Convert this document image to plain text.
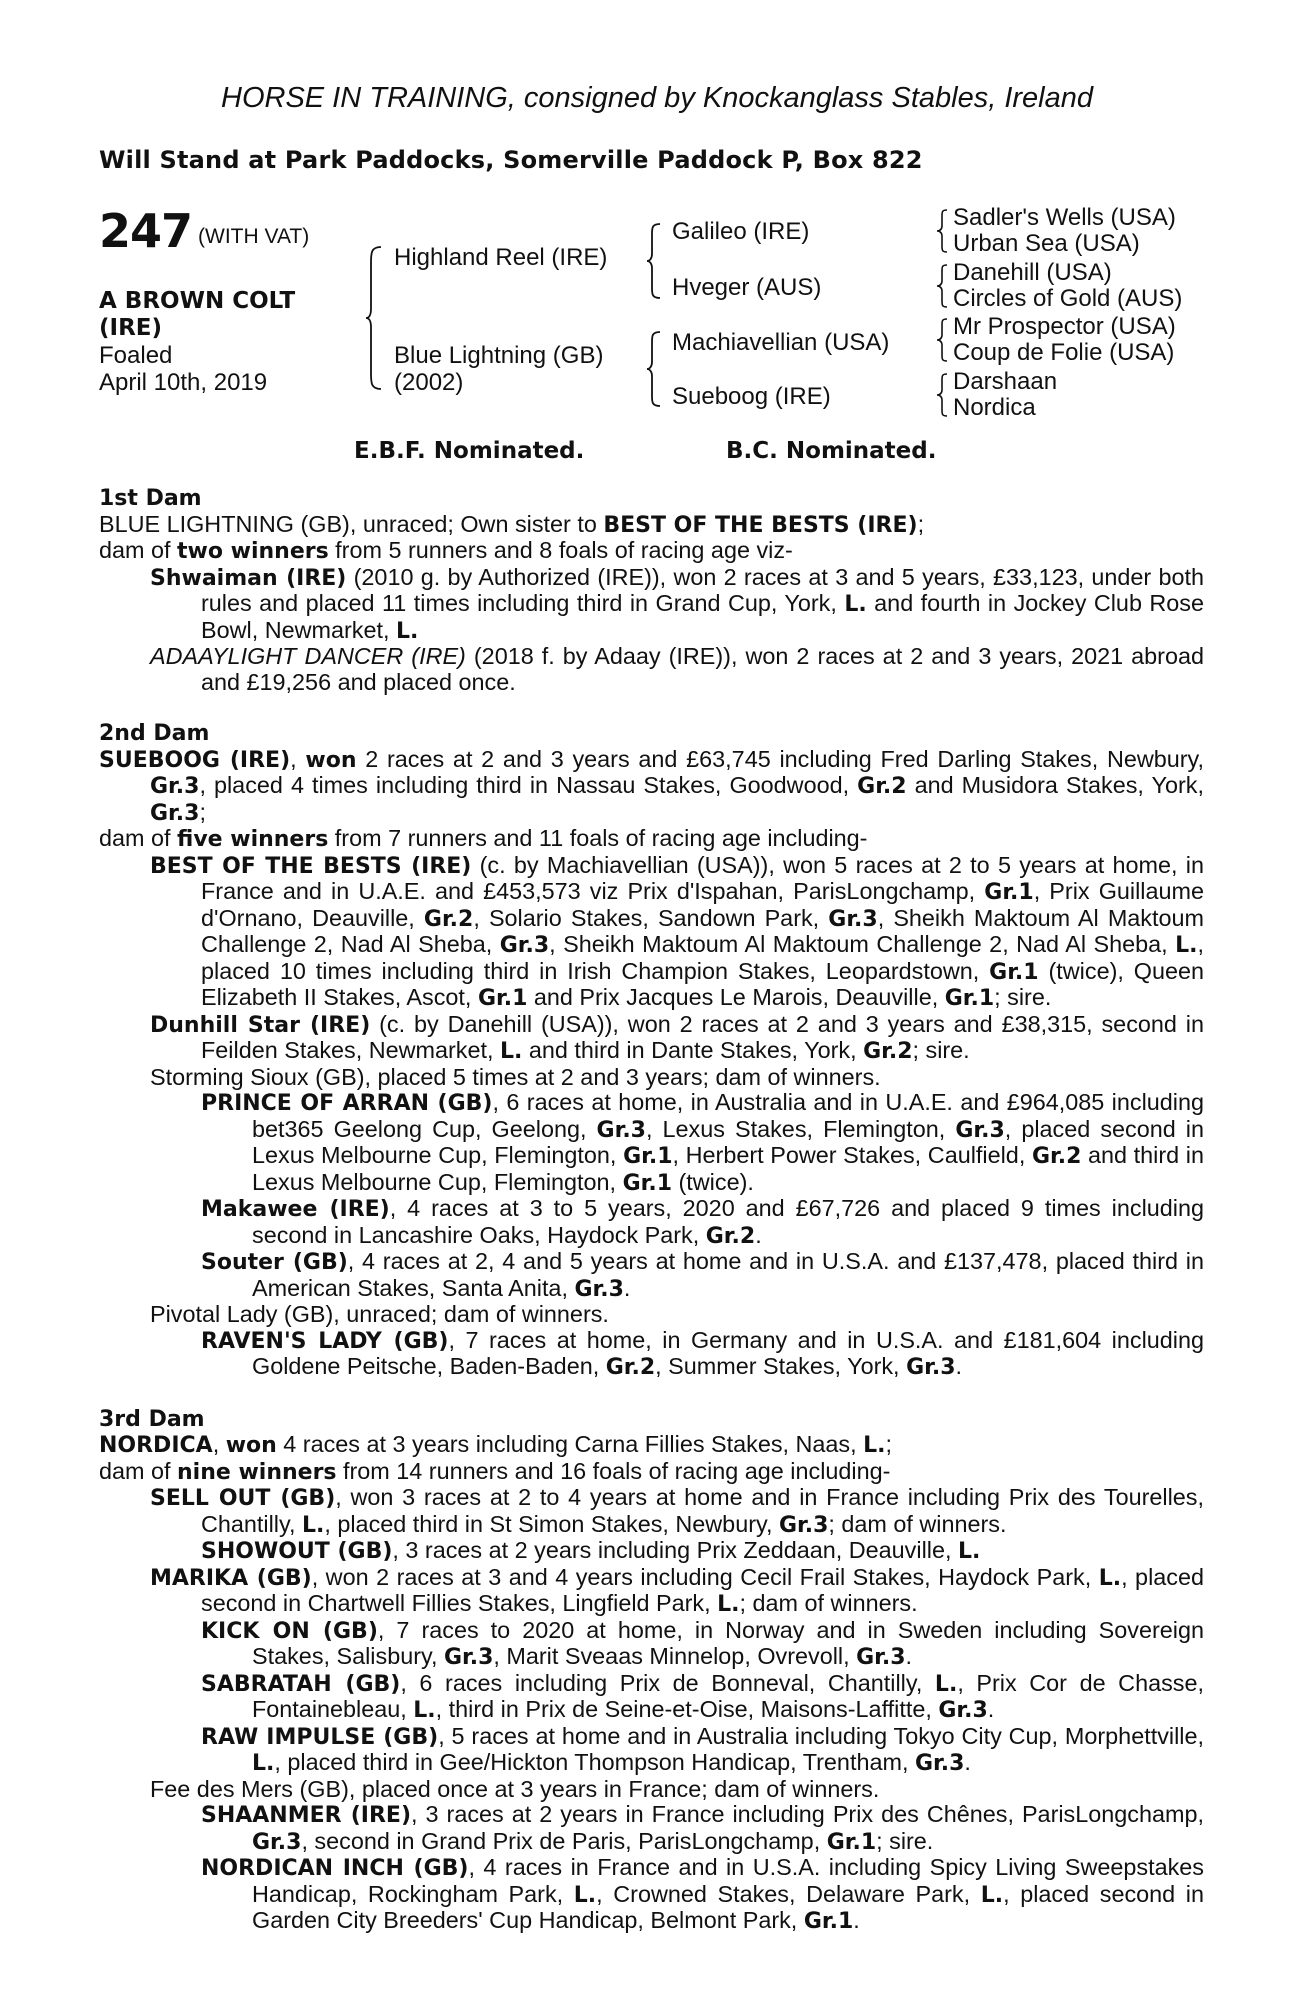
HORSE IN TRAINING, consigned by Knockanglass Stables, Ireland
Will Stand at Park Paddocks, Somerville Paddock P, Box 822
247 (WITH VAT)
A BROWN COLT
(IRE)
Foaled
April 10th, 2019
Highland Reel (IRE)
Blue Lightning (GB)
(2002)
Galileo (IRE)
Hveger (AUS)
Machiavellian (USA)
Sueboog (IRE)
Sadler's Wells (USA)
Urban Sea (USA)
Danehill (USA)
Circles of Gold (AUS)
Mr Prospector (USA)
Coup de Folie (USA)
Darshaan
Nordica
E.B.F. Nominated.	B.C. Nominated.
1st Dam
BLUE LIGHTNING (GB), unraced; Own sister to BEST OF THE BESTS (IRE);
dam of two winners from 5 runners and 8 foals of racing age viz-
Shwaiman (IRE) (2010 g. by Authorized (IRE)), won 2 races at 3 and 5 years, £33,123, under both rules and placed 11 times including third in Grand Cup, York, L. and fourth in Jockey Club Rose Bowl, Newmarket, L.
ADAAYLIGHT DANCER (IRE) (2018 f. by Adaay (IRE)), won 2 races at 2 and 3 years, 2021 abroad and £19,256 and placed once.
2nd Dam
SUEBOOG (IRE), won 2 races at 2 and 3 years and £63,745 including Fred Darling Stakes, Newbury, Gr.3, placed 4 times including third in Nassau Stakes, Goodwood, Gr.2 and Musidora Stakes, York, Gr.3;
dam of five winners from 7 runners and 11 foals of racing age including-
BEST OF THE BESTS (IRE) (c. by Machiavellian (USA)), won 5 races at 2 to 5 years at home, in France and in U.A.E. and £453,573 viz Prix d'Ispahan, ParisLongchamp, Gr.1, Prix Guillaume d'Ornano, Deauville, Gr.2, Solario Stakes, Sandown Park, Gr.3, Sheikh Maktoum Al Maktoum Challenge 2, Nad Al Sheba, Gr.3, Sheikh Maktoum Al Maktoum Challenge 2, Nad Al Sheba, L., placed 10 times including third in Irish Champion Stakes, Leopardstown, Gr.1 (twice), Queen Elizabeth II Stakes, Ascot, Gr.1 and Prix Jacques Le Marois, Deauville, Gr.1; sire.
Dunhill Star (IRE) (c. by Danehill (USA)), won 2 races at 2 and 3 years and £38,315, second in Feilden Stakes, Newmarket, L. and third in Dante Stakes, York, Gr.2; sire.
Storming Sioux (GB), placed 5 times at 2 and 3 years; dam of winners.
PRINCE OF ARRAN (GB), 6 races at home, in Australia and in U.A.E. and £964,085 including bet365 Geelong Cup, Geelong, Gr.3, Lexus Stakes, Flemington, Gr.3, placed second in Lexus Melbourne Cup, Flemington, Gr.1, Herbert Power Stakes, Caulfield, Gr.2 and third in Lexus Melbourne Cup, Flemington, Gr.1 (twice).
Makawee (IRE), 4 races at 3 to 5 years, 2020 and £67,726 and placed 9 times including second in Lancashire Oaks, Haydock Park, Gr.2.
Souter (GB), 4 races at 2, 4 and 5 years at home and in U.S.A. and £137,478, placed third in American Stakes, Santa Anita, Gr.3.
Pivotal Lady (GB), unraced; dam of winners.
RAVEN'S LADY (GB), 7 races at home, in Germany and in U.S.A. and £181,604 including Goldene Peitsche, Baden-Baden, Gr.2, Summer Stakes, York, Gr.3.
3rd Dam
NORDICA, won 4 races at 3 years including Carna Fillies Stakes, Naas, L.;
dam of nine winners from 14 runners and 16 foals of racing age including-
SELL OUT (GB), won 3 races at 2 to 4 years at home and in France including Prix des Tourelles, Chantilly, L., placed third in St Simon Stakes, Newbury, Gr.3; dam of winners.
SHOWOUT (GB), 3 races at 2 years including Prix Zeddaan, Deauville, L.
MARIKA (GB), won 2 races at 3 and 4 years including Cecil Frail Stakes, Haydock Park, L., placed second in Chartwell Fillies Stakes, Lingfield Park, L.; dam of winners.
KICK ON (GB), 7 races to 2020 at home, in Norway and in Sweden including Sovereign Stakes, Salisbury, Gr.3, Marit Sveaas Minnelop, Ovrevoll, Gr.3.
SABRATAH (GB), 6 races including Prix de Bonneval, Chantilly, L., Prix Cor de Chasse, Fontainebleau, L., third in Prix de Seine-et-Oise, Maisons-Laffitte, Gr.3.
RAW IMPULSE (GB), 5 races at home and in Australia including Tokyo City Cup, Morphettville, L., placed third in Gee/Hickton Thompson Handicap, Trentham, Gr.3.
Fee des Mers (GB), placed once at 3 years in France; dam of winners.
SHAANMER (IRE), 3 races at 2 years in France including Prix des Chênes, ParisLongchamp, Gr.3, second in Grand Prix de Paris, ParisLongchamp, Gr.1; sire.
NORDICAN INCH (GB), 4 races in France and in U.S.A. including Spicy Living Sweepstakes Handicap, Rockingham Park, L., Crowned Stakes, Delaware Park, L., placed second in Garden City Breeders' Cup Handicap, Belmont Park, Gr.1.
